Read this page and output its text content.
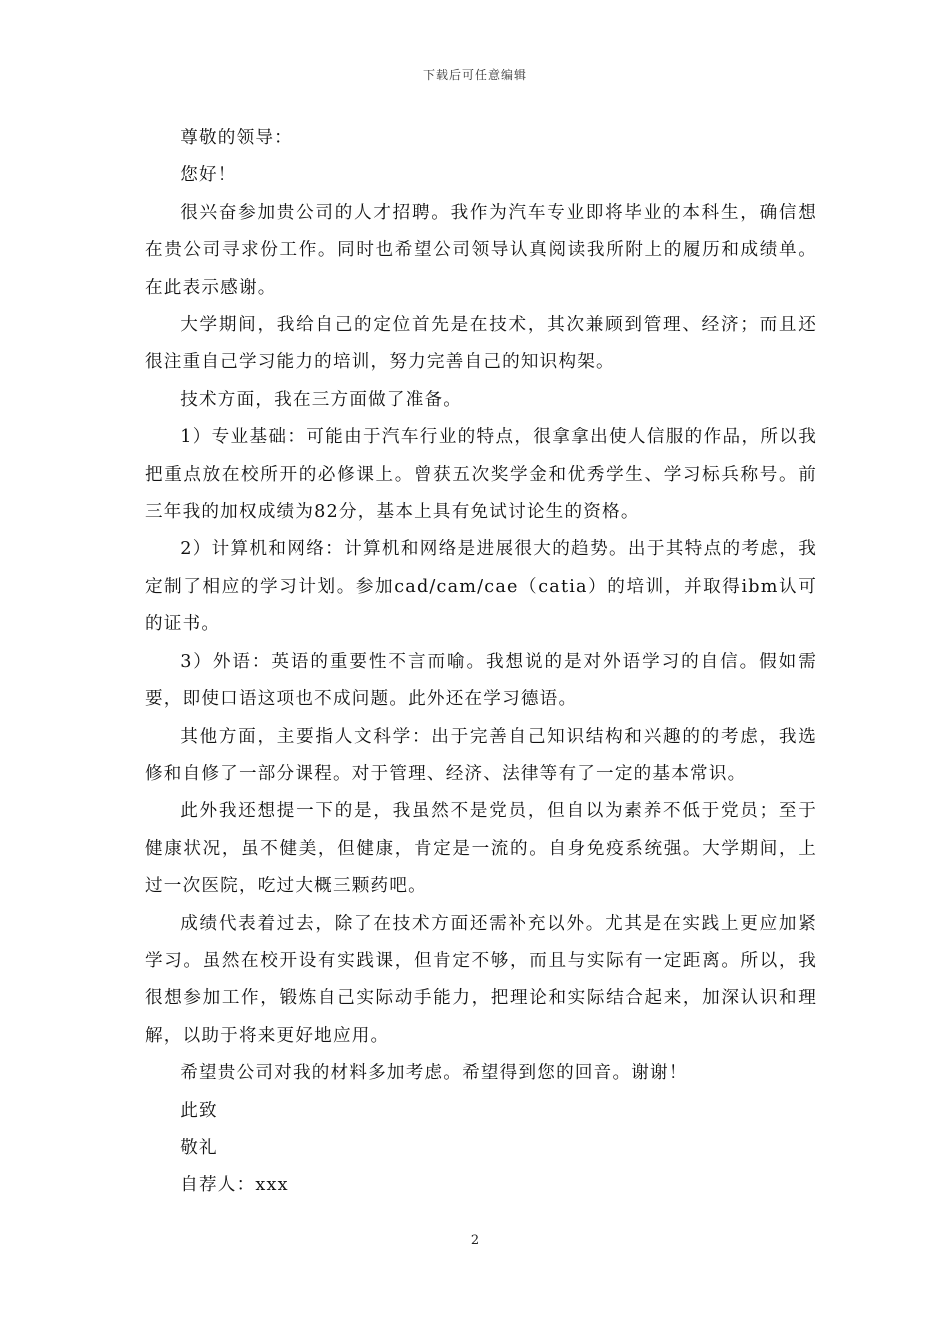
下载后可任意编辑

尊敬的领导：

您好！

很兴奋参加贵公司的人才招聘。我作为汽车专业即将毕业的本科生，确信想在贵公司寻求份工作。同时也希望公司领导认真阅读我所附上的履历和成绩单。在此表示感谢。

大学期间，我给自己的定位首先是在技术，其次兼顾到管理、经济；而且还很注重自己学习能力的培训，努力完善自己的知识构架。

技术方面，我在三方面做了准备。

1）专业基础：可能由于汽车行业的特点，很拿拿出使人信服的作品，所以我把重点放在校所开的必修课上。曾获五次奖学金和优秀学生、学习标兵称号。前三年我的加权成绩为82分，基本上具有免试讨论生的资格。

2）计算机和网络：计算机和网络是进展很大的趋势。出于其特点的考虑，我定制了相应的学习计划。参加cad/cam/cae（catia）的培训，并取得ibm认可的证书。

3）外语：英语的重要性不言而喻。我想说的是对外语学习的自信。假如需要，即使口语这项也不成问题。此外还在学习德语。

其他方面，主要指人文科学：出于完善自己知识结构和兴趣的的考虑，我选修和自修了一部分课程。对于管理、经济、法律等有了一定的基本常识。

此外我还想提一下的是，我虽然不是党员，但自以为素养不低于党员；至于健康状况，虽不健美，但健康，肯定是一流的。自身免疫系统强。大学期间，上过一次医院，吃过大概三颗药吧。

成绩代表着过去，除了在技术方面还需补充以外。尤其是在实践上更应加紧学习。虽然在校开设有实践课，但肯定不够，而且与实际有一定距离。所以，我很想参加工作，锻炼自己实际动手能力，把理论和实际结合起来，加深认识和理解，以助于将来更好地应用。

希望贵公司对我的材料多加考虑。希望得到您的回音。谢谢！

此致

敬礼

自荐人：xxx

2
